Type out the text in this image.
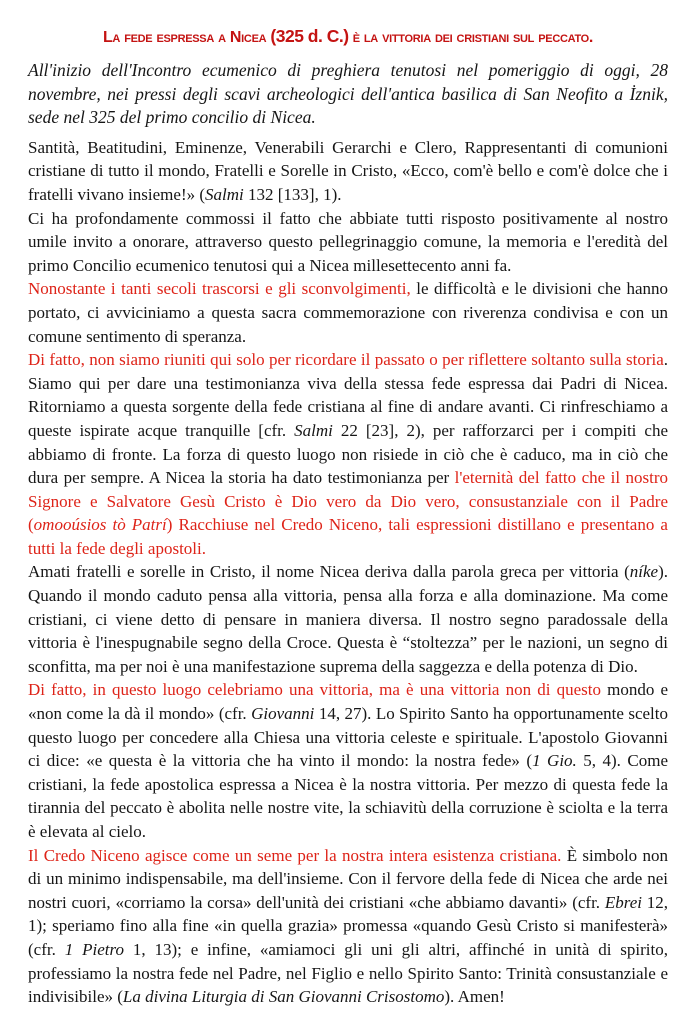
La fede espressa a Nicea (325 d. C.) è la vittoria dei cristiani sul peccato.

All'inizio dell'Incontro ecumenico di preghiera tenutosi nel pomeriggio di oggi, 28 novembre, nei pressi degli scavi archeologici dell'antica basilica di San Neofito a İznik, sede nel 325 del primo concilio di Nicea.

Santità, Beatitudini, Eminenze, Venerabili Gerarchi e Clero, Rappresentanti di comunioni cristiane di tutto il mondo, Fratelli e Sorelle in Cristo, «Ecco, com'è bello e com'è dolce che i fratelli vivano insieme!» (Salmi 132 [133], 1).

Ci ha profondamente commossi il fatto che abbiate tutti risposto positivamente al nostro umile invito a onorare, attraverso questo pellegrinaggio comune, la memoria e l'eredità del primo Concilio ecumenico tenutosi qui a Nicea millesettecento anni fa.

Nonostante i tanti secoli trascorsi e gli sconvolgimenti, le difficoltà e le divisioni che hanno portato, ci avviciniamo a questa sacra commemorazione con riverenza condivisa e con un comune sentimento di speranza.

Di fatto, non siamo riuniti qui solo per ricordare il passato o per riflettere soltanto sulla storia. Siamo qui per dare una testimonianza viva della stessa fede espressa dai Padri di Nicea. Ritorniamo a questa sorgente della fede cristiana al fine di andare avanti. Ci rinfreschiamo a queste ispirate acque tranquille [cfr. Salmi 22 [23], 2), per rafforzarci per i compiti che abbiamo di fronte. La forza di questo luogo non risiede in ciò che è caduco, ma in ciò che dura per sempre. A Nicea la storia ha dato testimonianza per l'eternità del fatto che il nostro Signore e Salvatore Gesù Cristo è Dio vero da Dio vero, consustanziale con il Padre (omooúsios tò Patrí) Racchiuse nel Credo Niceno, tali espressioni distillano e presentano a tutti la fede degli apostoli.

Amati fratelli e sorelle in Cristo, il nome Nicea deriva dalla parola greca per vittoria (níke). Quando il mondo caduto pensa alla vittoria, pensa alla forza e alla dominazione. Ma come cristiani, ci viene detto di pensare in maniera diversa. Il nostro segno paradossale della vittoria è l'inespugnabile segno della Croce. Questa è “stoltezza” per le nazioni, un segno di sconfitta, ma per noi è una manifestazione suprema della saggezza e della potenza di Dio.

Di fatto, in questo luogo celebriamo una vittoria, ma è una vittoria non di questo mondo e «non come la dà il mondo» (cfr. Giovanni 14, 27). Lo Spirito Santo ha opportunamente scelto questo luogo per concedere alla Chiesa una vittoria celeste e spirituale. L'apostolo Giovanni ci dice: «e questa è la vittoria che ha vinto il mondo: la nostra fede» (1 Gio. 5, 4). Come cristiani, la fede apostolica espressa a Nicea è la nostra vittoria. Per mezzo di questa fede la tirannia del peccato è abolita nelle nostre vite, la schiavitù della corruzione è sciolta e la terra è elevata al cielo.

Il Credo Niceno agisce come un seme per la nostra intera esistenza cristiana. È simbolo non di un minimo indispensabile, ma dell'insieme. Con il fervore della fede di Nicea che arde nei nostri cuori, «corriamo la corsa» dell'unità dei cristiani «che abbiamo davanti» (cfr. Ebrei 12, 1); speriamo fino alla fine «in quella grazia» promessa «quando Gesù Cristo si manifesterà» (cfr. 1 Pietro 1, 13); e infine, «amiamoci gli uni gli altri, affinché in unità di spirito, professiamo la nostra fede nel Padre, nel Figlio e nello Spirito Santo: Trinità consustanziale e indivisibile» (La divina Liturgia di San Giovanni Crisostomo). Amen!
